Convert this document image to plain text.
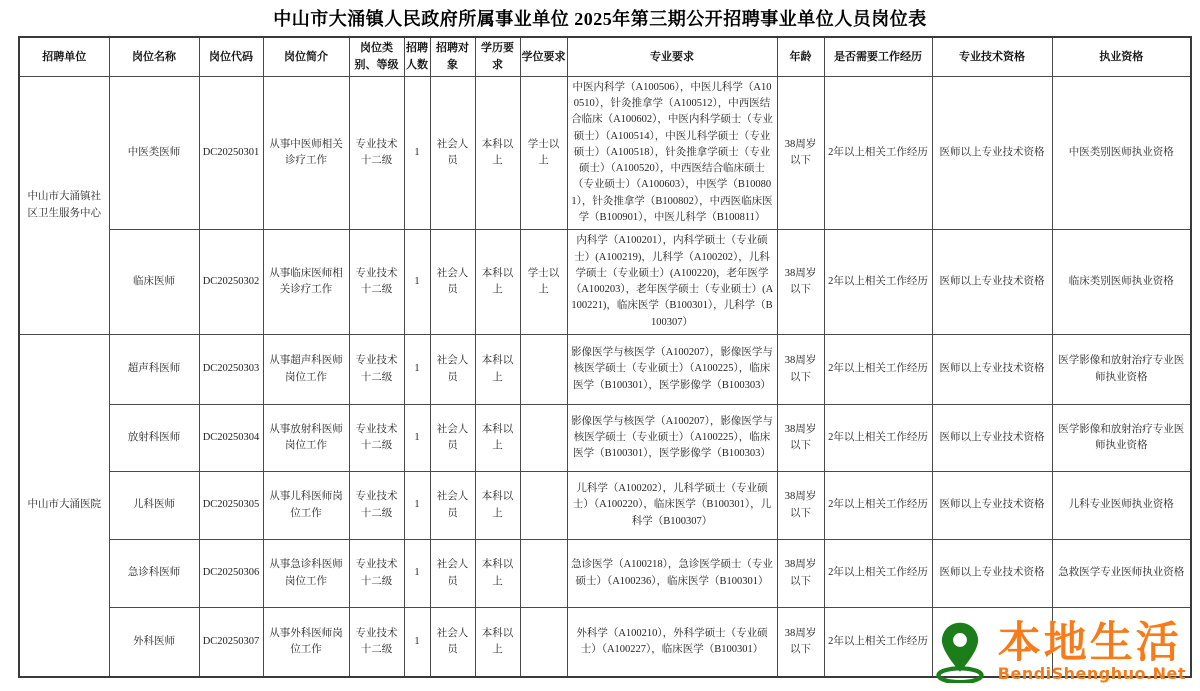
中山市大涌镇人民政府所属事业单位 2025年第三期公开招聘事业单位人员岗位表
招聘单位	岗位名称	岗位代码	岗位简介	岗位类别、等级	招聘人数	招聘对象	学历要求	学位要求	专业要求	年龄	是否需要工作经历	专业技术资格	执业资格
中山市大涌镇社区卫生服务中心	中医类医师	DC20250301	从事中医师相关诊疗工作	专业技术十二级	1	社会人员	本科以上	学士以上	中医内科学（A100506），中医儿科学（A100510），针灸推拿学（A100512），中西医结合临床（A100602），中医内科学硕士（专业硕士）（A100514），中医儿科学硕士（专业硕士）（A100518），针灸推拿学硕士（专业硕士）（A100520），中西医结合临床硕士（专业硕士）（A100603），中医学（B100801），针灸推拿学（B100802），中西医临床医学（B100901），中医儿科学（B100811）	38周岁以下	2年以上相关工作经历	医师以上专业技术资格	中医类别医师执业资格
	临床医师	DC20250302	从事临床医师相关诊疗工作	专业技术十二级	1	社会人员	本科以上	学士以上	内科学（A100201），内科学硕士（专业硕士）(A100219)，儿科学（A100202），儿科学硕士（专业硕士）(A100220)，老年医学（A100203），老年医学硕士（专业硕士）(A100221)，临床医学（B100301），儿科学（B100307）	38周岁以下	2年以上相关工作经历	医师以上专业技术资格	临床类别医师执业资格
中山市大涌医院	超声科医师	DC20250303	从事超声科医师岗位工作	专业技术十二级	1	社会人员	本科以上		影像医学与核医学（A100207），影像医学与核医学硕士（专业硕士）（A100225），临床医学（B100301），医学影像学（B100303）	38周岁以下	2年以上相关工作经历	医师以上专业技术资格	医学影像和放射治疗专业医师执业资格
	放射科医师	DC20250304	从事放射科医师岗位工作	专业技术十二级	1	社会人员	本科以上		影像医学与核医学（A100207），影像医学与核医学硕士（专业硕士）（A100225），临床医学（B100301），医学影像学（B100303）	38周岁以下	2年以上相关工作经历	医师以上专业技术资格	医学影像和放射治疗专业医师执业资格
	儿科医师	DC20250305	从事儿科医师岗位工作	专业技术十二级	1	社会人员	本科以上		儿科学（A100202），儿科学硕士（专业硕士）（A100220），临床医学（B100301），儿科学（B100307）	38周岁以下	2年以上相关工作经历	医师以上专业技术资格	儿科专业医师执业资格
	急诊科医师	DC20250306	从事急诊科医师岗位工作	专业技术十二级	1	社会人员	本科以上		急诊医学（A100218），急诊医学硕士（专业硕士）（A100236），临床医学（B100301）	38周岁以下	2年以上相关工作经历	医师以上专业技术资格	急救医学专业医师执业资格
	外科医师	DC20250307	从事外科医师岗位工作	专业技术十二级	1	社会人员	本科以上		外科学（A100210），外科学硕士（专业硕士）（A100227），临床医学（B100301）	38周岁以下	2年以上相关工作经历		本地生活
BendiShenghuo.Net
